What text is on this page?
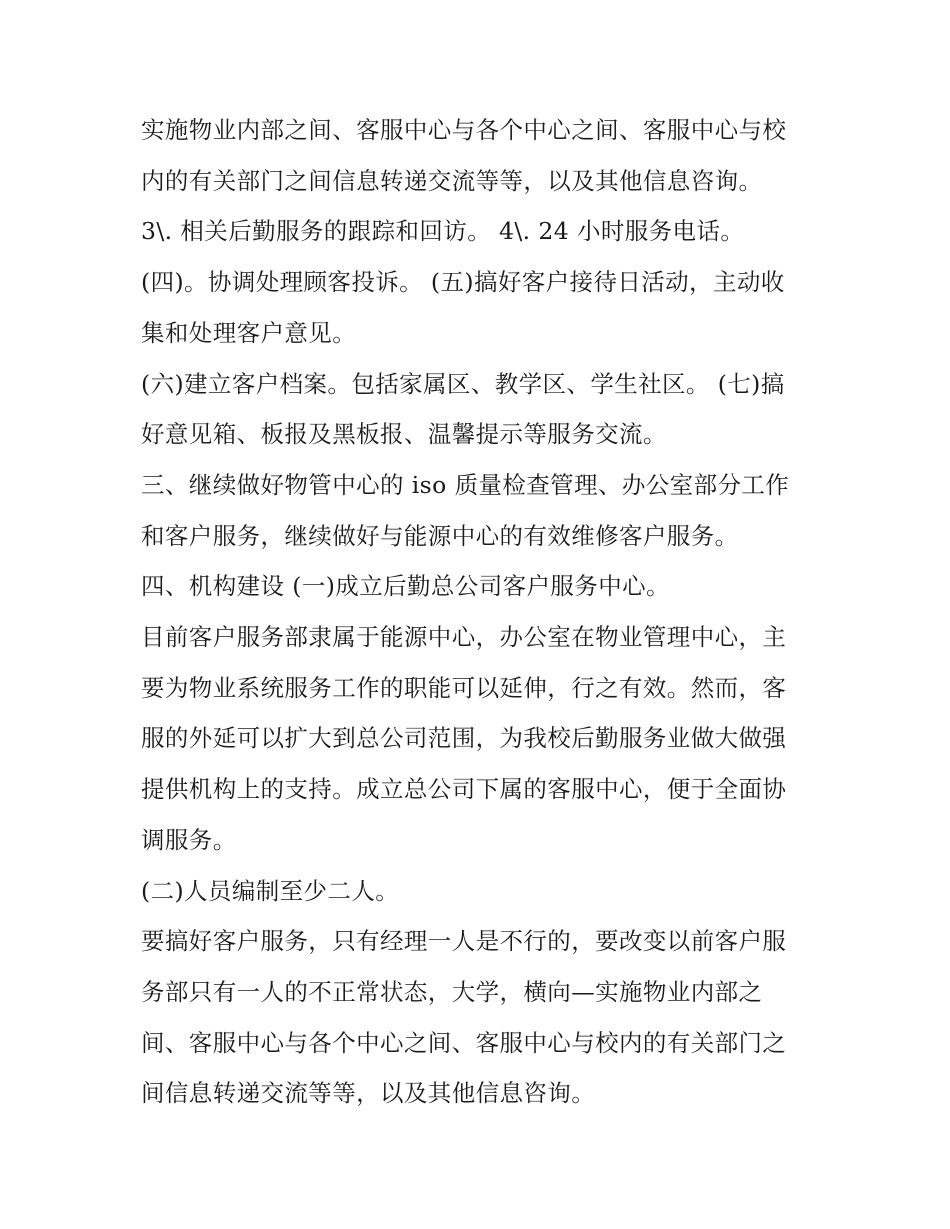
实施物业内部之间、客服中心与各个中心之间、客服中心与校

内的有关部门之间信息转递交流等等，以及其他信息咨询。

3\. 相关后勤服务的跟踪和回访。 4\. 24 小时服务电话。

(四)。协调处理顾客投诉。 (五)搞好客户接待日活动，主动收

集和处理客户意见。

(六)建立客户档案。包括家属区、教学区、学生社区。 (七)搞

好意见箱、板报及黑板报、温馨提示等服务交流。

三、继续做好物管中心的 iso 质量检查管理、办公室部分工作

和客户服务，继续做好与能源中心的有效维修客户服务。

四、机构建设 (一)成立后勤总公司客户服务中心。

目前客户服务部隶属于能源中心，办公室在物业管理中心，主

要为物业系统服务工作的职能可以延伸，行之有效。然而，客

服的外延可以扩大到总公司范围，为我校后勤服务业做大做强

提供机构上的支持。成立总公司下属的客服中心，便于全面协

调服务。

(二)人员编制至少二人。

要搞好客户服务，只有经理一人是不行的，要改变以前客户服

务部只有一人的不正常状态，大学，横向—实施物业内部之

间、客服中心与各个中心之间、客服中心与校内的有关部门之

间信息转递交流等等，以及其他信息咨询。
